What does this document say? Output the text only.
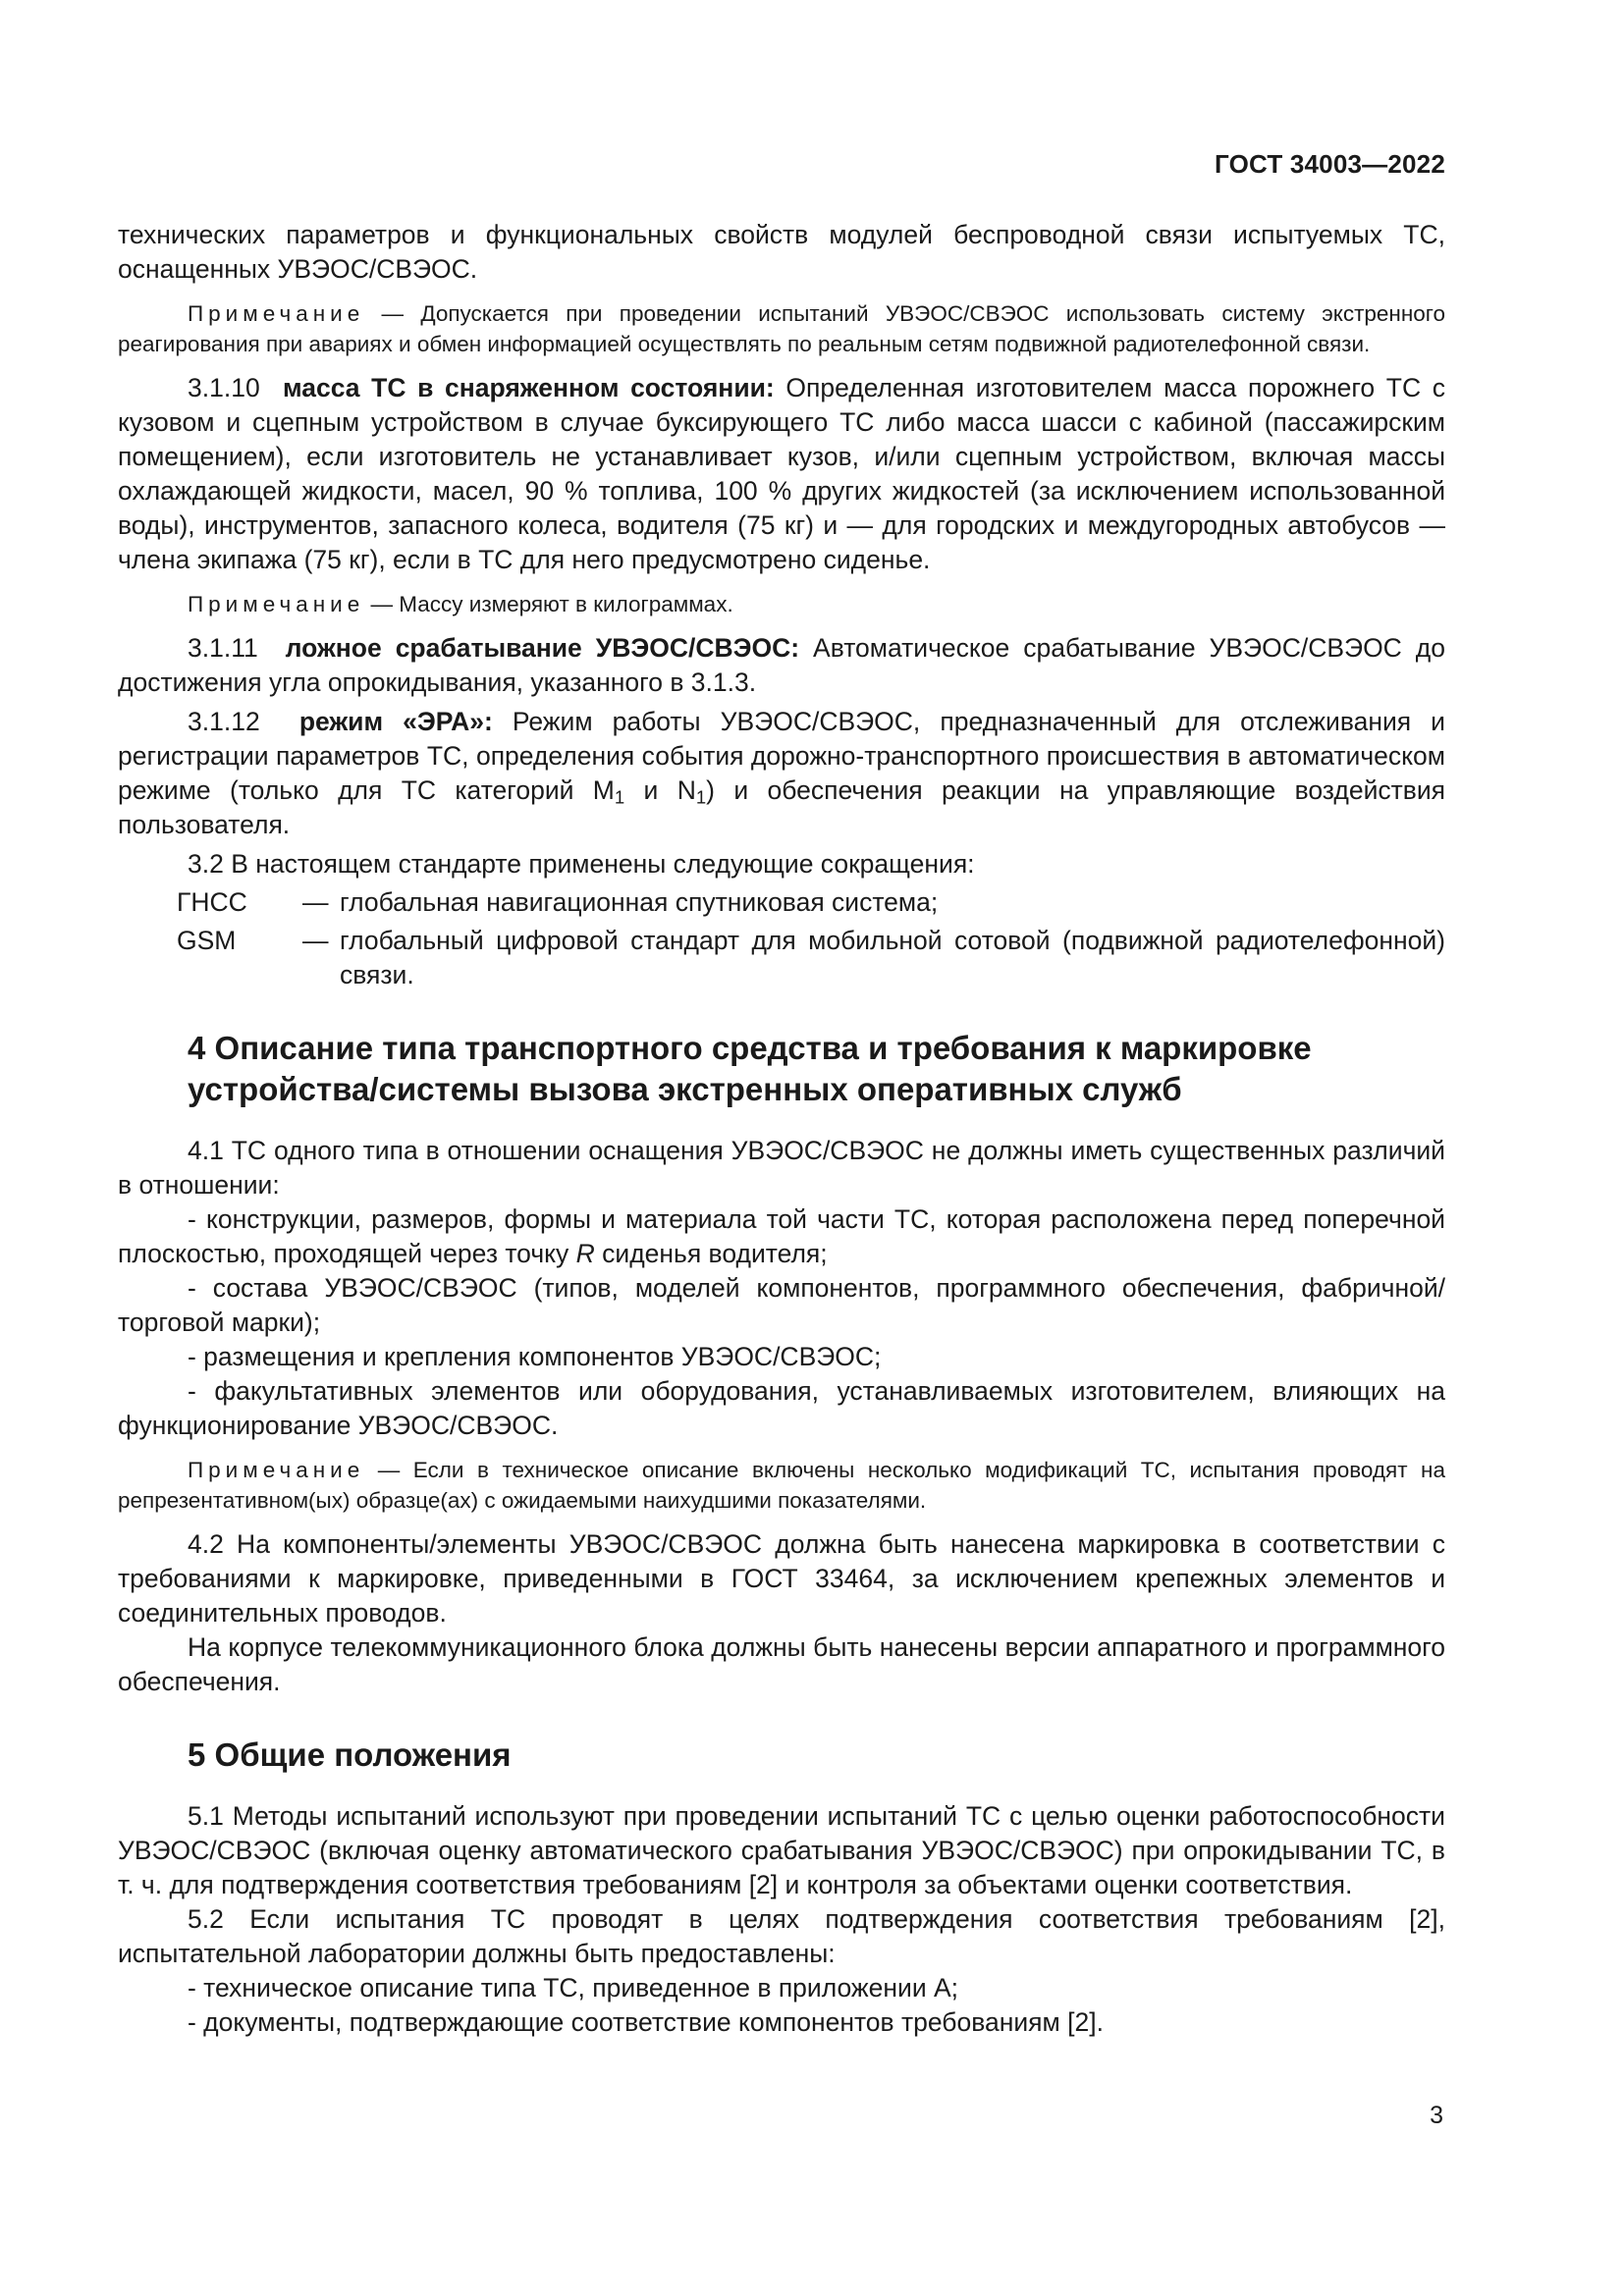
ГОСТ 34003—2022

технических параметров и функциональных свойств модулей беспроводной связи испытуемых ТС, оснащенных УВЭОС/СВЭОС.

Примечание — Допускается при проведении испытаний УВЭОС/СВЭОС использовать систему экстренного реагирования при авариях и обмен информацией осуществлять по реальным сетям подвижной радиотелефонной связи.

3.1.10 масса ТС в снаряженном состоянии: Определенная изготовителем масса порожнего ТС с кузовом и сцепным устройством в случае буксирующего ТС либо масса шасси с кабиной (пассажирским помещением), если изготовитель не устанавливает кузов, и/или сцепным устройством, включая массы охлаждающей жидкости, масел, 90 % топлива, 100 % других жидкостей (за исключением использованной воды), инструментов, запасного колеса, водителя (75 кг) и — для городских и междугородных автобусов — члена экипажа (75 кг), если в ТС для него предусмотрено сиденье.

Примечание — Массу измеряют в килограммах.

3.1.11 ложное срабатывание УВЭОС/СВЭОС: Автоматическое срабатывание УВЭОС/СВЭОС до достижения угла опрокидывания, указанного в 3.1.3.

3.1.12 режим «ЭРА»: Режим работы УВЭОС/СВЭОС, предназначенный для отслеживания и регистрации параметров ТС, определения события дорожно-транспортного происшествия в автоматическом режиме (только для ТС категорий $М_1$ и $N_1$) и обеспечения реакции на управляющие воздействия пользователя.

3.2 В настоящем стандарте применены следующие сокращения:

ГНСС	— глобальная навигационная спутниковая система;
GSM	— глобальный цифровой стандарт для мобильной сотовой (подвижной радиотелефонной) связи.
4 Описание типа транспортного средства и требования к маркировке
устройства/системы вызова экстренных оперативных служб

4.1 ТС одного типа в отношении оснащения УВЭОС/СВЭОС не должны иметь существенных различий в отношении:

- конструкции, размеров, формы и материала той части ТС, которая расположена перед поперечной плоскостью, проходящей через точку R сиденья водителя;

- состава УВЭОС/СВЭОС (типов, моделей компонентов, программного обеспечения, фабричной/торговой марки);

- размещения и крепления компонентов УВЭОС/СВЭОС;

- факультативных элементов или оборудования, устанавливаемых изготовителем, влияющих на функционирование УВЭОС/СВЭОС.

Примечание — Если в техническое описание включены несколько модификаций ТС, испытания проводят на репрезентативном(ых) образце(ах) с ожидаемыми наихудшими показателями.

4.2 На компоненты/элементы УВЭОС/СВЭОС должна быть нанесена маркировка в соответствии с требованиями к маркировке, приведенными в ГОСТ 33464, за исключением крепежных элементов и соединительных проводов.

На корпусе телекоммуникационного блока должны быть нанесены версии аппаратного и программного обеспечения.

5 Общие положения

5.1 Методы испытаний используют при проведении испытаний ТС с целью оценки работоспособности УВЭОС/СВЭОС (включая оценку автоматического срабатывания УВЭОС/СВЭОС) при опрокидывании ТС, в т. ч. для подтверждения соответствия требованиям [2] и контроля за объектами оценки соответствия.

5.2 Если испытания ТС проводят в целях подтверждения соответствия требованиям [2], испытательной лаборатории должны быть предоставлены:

- техническое описание типа ТС, приведенное в приложении А;

- документы, подтверждающие соответствие компонентов требованиям [2].

3
